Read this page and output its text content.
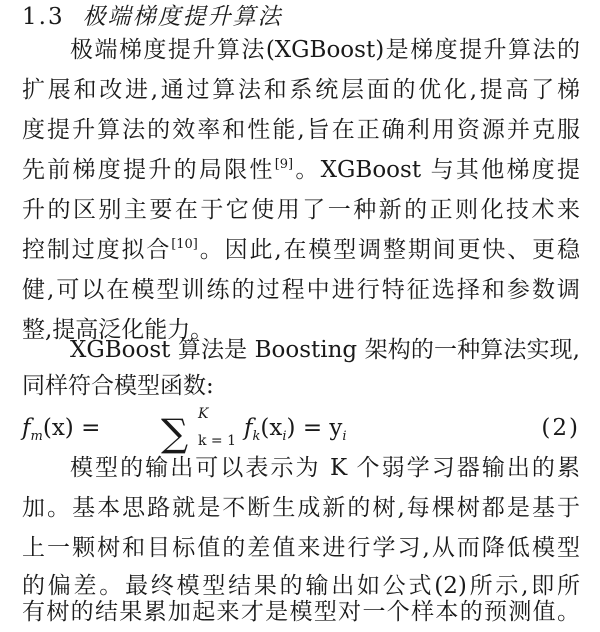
1.3 极端梯度提升算法
极端梯度提升算法(XGBoost)是梯度提升算法的
扩展和改进,通过算法和系统层面的优化,提高了梯
度提升算法的效率和性能,旨在正确利用资源并克服
先前梯度提升的局限性[9]。XGBoost 与其他梯度提
升的区别主要在于它使用了一种新的正则化技术来
控制过度拟合[10]。因此,在模型调整期间更快、更稳
健,可以在模型训练的过程中进行特征选择和参数调
整,提高泛化能力。
XGBoost 算法是 Boosting 架构的一种算法实现,
同样符合模型函数:
$f_m(x)$ = ∑ K
k = 1 $f_k(x_i) = y_i$	(2)
模型的输出可以表示为 K 个弱学习器输出的累
加。基本思路就是不断生成新的树,每棵树都是基于
上一颗树和目标值的差值来进行学习,从而降低模型
的偏差。最终模型结果的输出如公式(2)所示,即所
有树的结果累加起来才是模型对一个样本的预测值。
